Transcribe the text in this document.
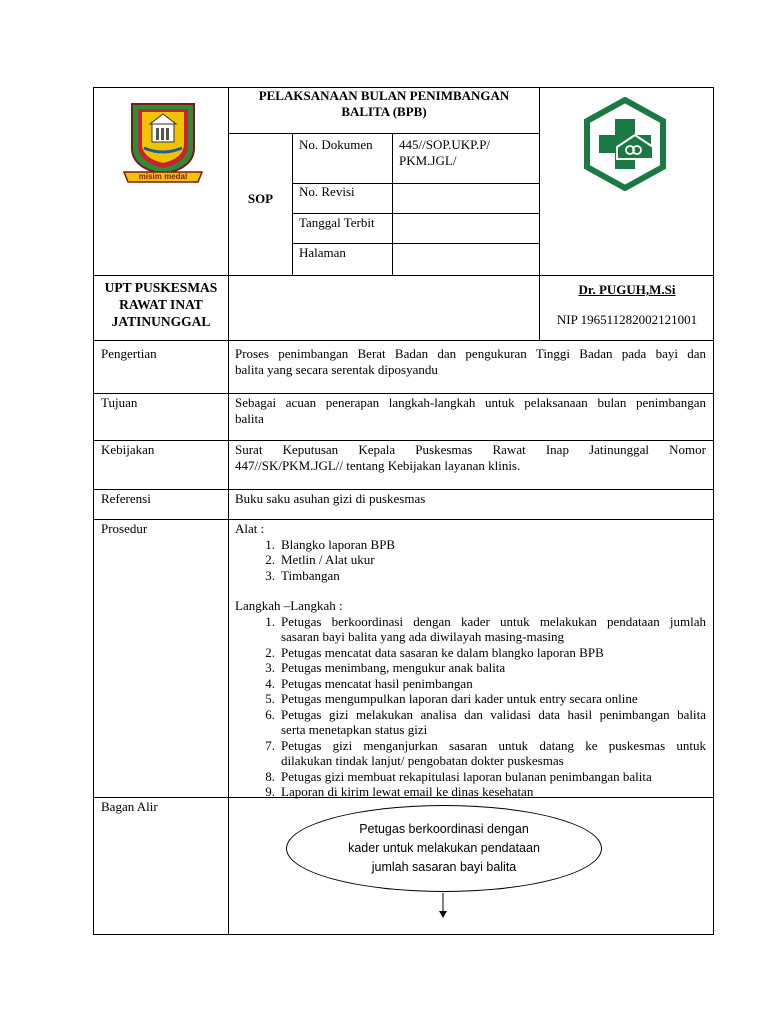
misim medal
PELAKSANAAN BULAN PENIMBANGAN
BALITA (BPB)
SOP
No. Dokumen 445//SOP.UKP.P/
PKM.JGL/
No. Revisi
Tanggal Terbit
Halaman
UPT PUSKESMAS
RAWAT INAT
JATINUNGGAL
Dr. PUGUH,M.Si
NIP 196511282002121001
Pengertian	Proses penimbangan Berat Badan dan pengukuran Tinggi Badan pada bayi dan
balita yang secara serentak diposyandu
Tujuan	Sebagai acuan penerapan langkah-langkah untuk pelaksanaan bulan penimbangan
balita
Kebijakan	Surat Keputusan Kepala Puskesmas Rawat Inap Jatinunggal Nomor
447//SK/PKM.JGL// tentang Kebijakan layanan klinis.
Referensi	Buku saku asuhan gizi di puskesmas
Prosedur	Alat :
1. Blangko laporan BPB
2. Metlin / Alat ukur
3. Timbangan
Langkah –Langkah :
1. Petugas berkoordinasi dengan kader untuk melakukan pendataan jumlah
sasaran bayi balita yang ada diwilayah masing-masing
2. Petugas mencatat data sasaran ke dalam blangko laporan BPB
3. Petugas menimbang, mengukur anak balita
4. Petugas mencatat hasil penimbangan
5. Petugas mengumpulkan laporan dari kader untuk entry secara online
6. Petugas gizi melakukan analisa dan validasi data hasil penimbangan balita
serta menetapkan status gizi
7. Petugas gizi menganjurkan sasaran untuk datang ke puskesmas untuk
dilakukan tindak lanjut/ pengobatan dokter puskesmas
8. Petugas gizi membuat rekapitulasi laporan bulanan penimbangan balita
9. Laporan di kirim lewat email ke dinas kesehatan
Bagan Alir
Petugas berkoordinasi dengan
kader untuk melakukan pendataan
jumlah sasaran bayi balita
